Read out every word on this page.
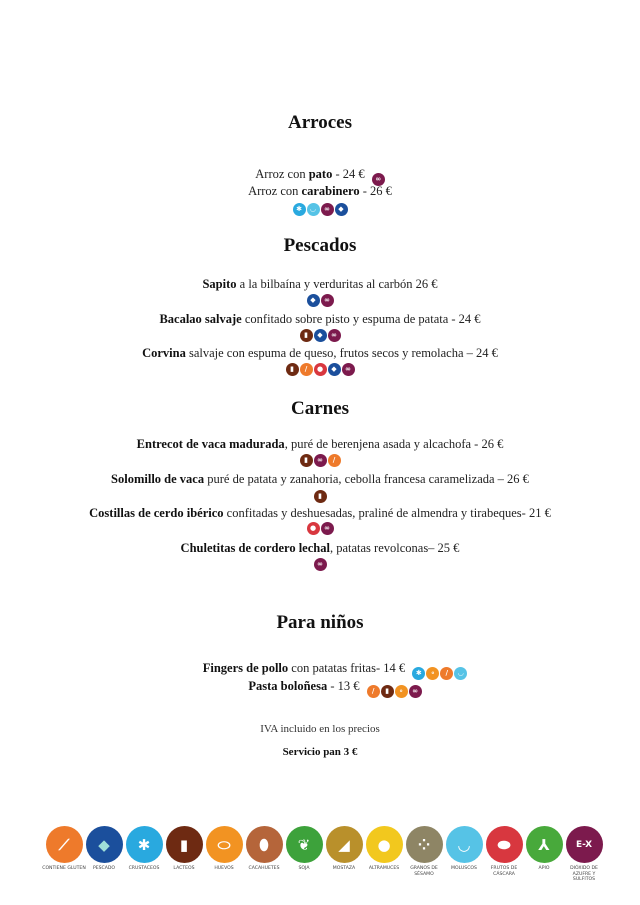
Arroces
Arroz con pato - 24 €	∞
Arroz con carabinero - 26 €
✱	◡	∞	◆
Pescados
Sapito a la bilbaína y verduritas al carbón 26 €
◆	∞
Bacalao salvaje confitado sobre pisto y espuma de patata - 24 €
▮	◆	∞
Corvina salvaje con espuma de queso, frutos secos y remolacha – 24 €
▮	/	●	◆	∞
Carnes
Entrecot de vaca madurada, puré de berenjena asada y alcachofa - 26 €
▮	∞	/
Solomillo de vaca puré de patata y zanahoria, cebolla francesa caramelizada – 26 €
▮
Costillas de cerdo ibérico confitadas y deshuesadas, praliné de almendra y tirabeques- 21 €
●	∞
Chuletitas de cordero lechal, patatas revolconas– 25 €
∞
Para niños
Fingers de pollo con patatas fritas- 14 €	✱	∘	/	◡
Pasta boloñesa - 13 €	/	▮	∘	∞
IVA incluido en los precios
Servicio pan 3 €
⟋
CONTIENE GLUTEN
◆
PESCADO
✱
CRUSTACEOS
▮
LACTEOS
⬭
HUEVOS
⬮
CACAHUETES
❦
SOJA
◢
MOSTAZA
●
ALTRAMUCES
⁘
GRANOS DE SÉSAMO
◡
MOLUSCOS
⬬
FRUTOS DE CÁSCARA
⅄
APIO
E-X
DIÓXIDO DE AZUFRE Y SULFITOS
